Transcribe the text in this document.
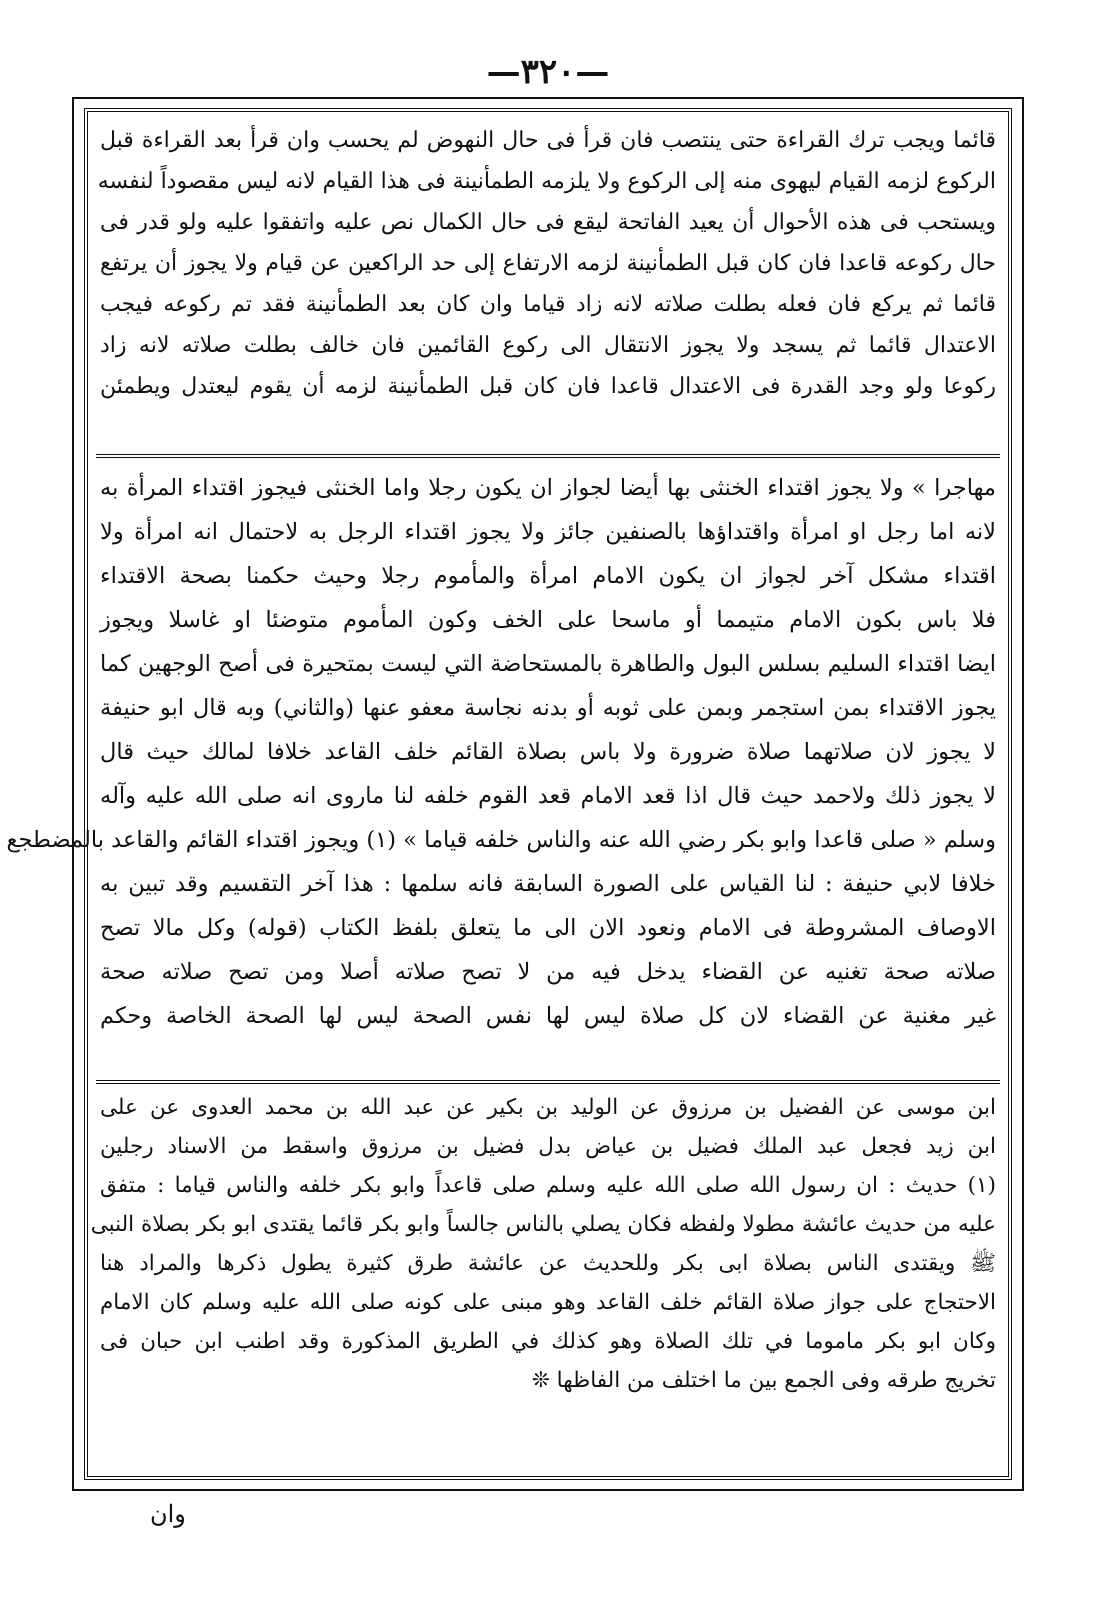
—٣٢٠—
قائما ويجب ترك القراءة حتى ينتصب فان قرأ فى حال النهوض لم يحسب وان قرأ بعد القراءة قبل
الركوع لزمه القيام ليهوى منه إلى الركوع ولا يلزمه الطمأنينة فى هذا القيام لانه ليس مقصوداً لنفسه
ويستحب فى هذه الأحوال أن يعيد الفاتحة ليقع فى حال الكمال نص عليه واتفقوا عليه ولو قدر فى
حال ركوعه قاعدا فان كان قبل الطمأنينة لزمه الارتفاع إلى حد الراكعين عن قيام ولا يجوز أن يرتفع
قائما ثم يركع فان فعله بطلت صلاته لانه زاد قياما وان كان بعد الطمأنينة فقد تم ركوعه فيجب
الاعتدال قائما ثم يسجد ولا يجوز الانتقال الى ركوع القائمين فان خالف بطلت صلاته لانه زاد
ركوعا ولو وجد القدرة فى الاعتدال قاعدا فان كان قبل الطمأنينة لزمه أن يقوم ليعتدل ويطمئن
مهاجرا » ولا يجوز اقتداء الخنثى بها أيضا لجواز ان يكون رجلا واما الخنثى فيجوز اقتداء المرأة به
لانه اما رجل او امرأة واقتداؤها بالصنفين جائز ولا يجوز اقتداء الرجل به لاحتمال انه امرأة ولا
اقتداء مشكل آخر لجواز ان يكون الامام امرأة والمأموم رجلا وحيث حكمنا بصحة الاقتداء
فلا باس بكون الامام متيمما أو ماسحا على الخف وكون المأموم متوضئا او غاسلا ويجوز
ايضا اقتداء السليم بسلس البول والطاهرة بالمستحاضة التي ليست بمتحيرة فى أصح الوجهين كما
يجوز الاقتداء بمن استجمر وبمن على ثوبه أو بدنه نجاسة معفو عنها (والثاني) وبه قال ابو حنيفة
لا يجوز لان صلاتهما صلاة ضرورة ولا باس بصلاة القائم خلف القاعد خلافا لمالك حيث قال
لا يجوز ذلك ولاحمد حيث قال اذا قعد الامام قعد القوم خلفه لنا ماروى انه صلى الله عليه وآله
وسلم « صلى قاعدا وابو بكر رضي الله عنه والناس خلفه قياما » (١) ويجوز اقتداء القائم والقاعد بالمضطجع
خلافا لابي حنيفة : لنا القياس على الصورة السابقة فانه سلمها : هذا آخر التقسيم وقد تبين به
الاوصاف المشروطة فى الامام ونعود الان الى ما يتعلق بلفظ الكتاب (قوله) وكل مالا تصح
صلاته صحة تغنيه عن القضاء يدخل فيه من لا تصح صلاته أصلا ومن تصح صلاته صحة
غير مغنية عن القضاء لان كل صلاة ليس لها نفس الصحة ليس لها الصحة الخاصة وحكم
ابن موسى عن الفضيل بن مرزوق عن الوليد بن بكير عن عبد الله بن محمد العدوى عن على
ابن زيد فجعل عبد الملك فضيل بن عياض بدل فضيل بن مرزوق واسقط من الاسناد رجلين
(١) حديث : ان رسول الله صلى الله عليه وسلم صلى قاعداً وابو بكر خلفه والناس قياما : متفق
عليه من حديث عائشة مطولا ولفظه فكان يصلي بالناس جالساً وابو بكر قائما يقتدى ابو بكر بصلاة النبى
ﷺ ويقتدى الناس بصلاة ابى بكر وللحديث عن عائشة طرق كثيرة يطول ذكرها والمراد هنا
الاحتجاج على جواز صلاة القائم خلف القاعد وهو مبنى على كونه صلى الله عليه وسلم كان الامام
وكان ابو بكر ماموما في تلك الصلاة وهو كذلك في الطريق المذكورة وقد اطنب ابن حبان فى
تخريج طرقه وفى الجمع بين ما اختلف من الفاظها ❊
وان
